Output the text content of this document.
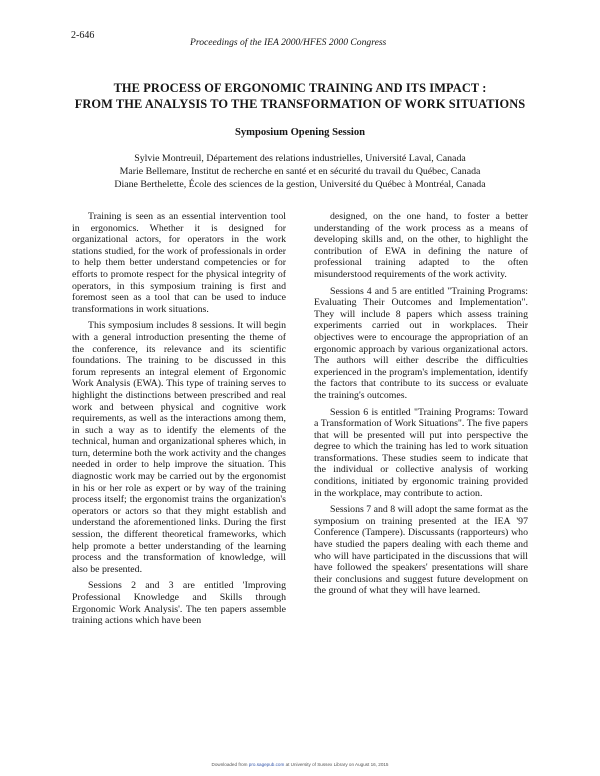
2-646
Proceedings of the IEA 2000/HFES 2000 Congress
THE PROCESS OF ERGONOMIC TRAINING AND ITS IMPACT :
FROM THE ANALYSIS TO THE TRANSFORMATION OF WORK SITUATIONS
Symposium Opening Session
Sylvie Montreuil, Département des relations industrielles, Université Laval, Canada
Marie Bellemare, Institut de recherche en santé et en sécurité du travail du Québec, Canada
Diane Berthelette, École des sciences de la gestion, Université du Québec à Montréal, Canada

Training is seen as an essential intervention tool in ergonomics. Whether it is designed for organizational actors, for operators in the work stations studied, for the work of professionals in order to help them better understand competencies or for efforts to promote respect for the physical integrity of operators, in this symposium training is first and foremost seen as a tool that can be used to induce transformations in work situations.

This symposium includes 8 sessions. It will begin with a general introduction presenting the theme of the conference, its relevance and its scientific foundations. The training to be discussed in this forum represents an integral element of Ergonomic Work Analysis (EWA). This type of training serves to highlight the distinctions between prescribed and real work and between physical and cognitive work requirements, as well as the interactions among them, in such a way as to identify the elements of the technical, human and organizational spheres which, in turn, determine both the work activity and the changes needed in order to help improve the situation. This diagnostic work may be carried out by the ergonomist in his or her role as expert or by way of the training process itself; the ergonomist trains the organization's operators or actors so that they might establish and understand the aforementioned links. During the first session, the different theoretical frameworks, which help promote a better understanding of the learning process and the transformation of knowledge, will also be presented.

Sessions 2 and 3 are entitled 'Improving Professional Knowledge and Skills through Ergonomic Work Analysis'. The ten papers assemble training actions which have been

designed, on the one hand, to foster a better understanding of the work process as a means of developing skills and, on the other, to highlight the contribution of EWA in defining the nature of professional training adapted to the often misunderstood requirements of the work activity.

Sessions 4 and 5 are entitled "Training Programs: Evaluating Their Outcomes and Implementation". They will include 8 papers which assess training experiments carried out in workplaces. Their objectives were to encourage the appropriation of an ergonomic approach by various organizational actors. The authors will either describe the difficulties experienced in the program's implementation, identify the factors that contribute to its success or evaluate the training's outcomes.

Session 6 is entitled "Training Programs: Toward a Transformation of Work Situations". The five papers that will be presented will put into perspective the degree to which the training has led to work situation transformations. These studies seem to indicate that the individual or collective analysis of working conditions, initiated by ergonomic training provided in the workplace, may contribute to action.

Sessions 7 and 8 will adopt the same format as the symposium on training presented at the IEA '97 Conference (Tampere). Discussants (rapporteurs) who have studied the papers dealing with each theme and who will have participated in the discussions that will have followed the speakers' presentations will share their conclusions and suggest future development on the ground of what they will have learned.

Downloaded from pro.sagepub.com at University of Sussex Library on August 16, 2015
